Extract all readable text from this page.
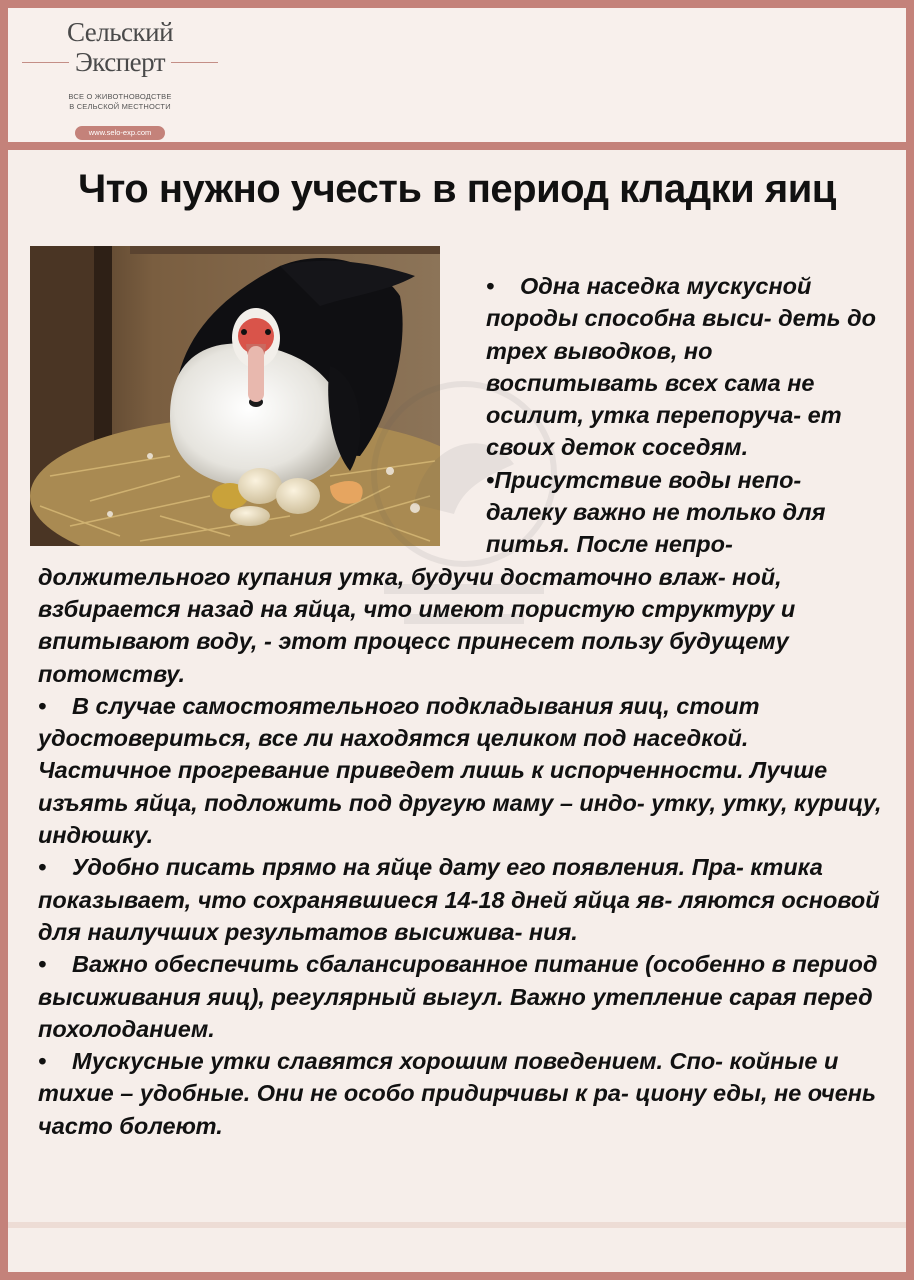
Сельский
Эксперт
ВСЕ О ЖИВОТНОВОДСТВЕ
В СЕЛЬСКОЙ МЕСТНОСТИ
www.selo-exp.com
Что нужно учесть в период кладки яиц

• Одна наседка мускусной породы способна выси- деть до трех выводков, но воспитывать всех сама не осилит, утка перепоруча- ет своих деток соседям.

•Присутствие воды непо- далеку важно не только для питья. После непро- должительного купания утка, будучи достаточно влаж- ной, взбирается назад на яйца, что имеют пористую структуру и впитывают воду, - этот процесс принесет пользу будущему потомству.

• В случае самостоятельного подкладывания яиц, стоит удостовериться, все ли находятся целиком под наседкой. Частичное прогревание приведет лишь к испорченности. Лучше изъять яйца, подложить под другую маму – индо- утку, утку, курицу, индюшку.

• Удобно писать прямо на яйце дату его появления. Пра- ктика показывает, что сохранявшиеся 14-18 дней яйца яв- ляются основой для наилучших результатов высижива- ния.

• Важно обеспечить сбалансированное питание (особенно в период высиживания яиц), регулярный выгул. Важно утепление сарая перед похолоданием.

• Мускусные утки славятся хорошим поведением. Спо- койные и тихие – удобные. Они не особо придирчивы к ра- циону еды, не очень часто болеют.
